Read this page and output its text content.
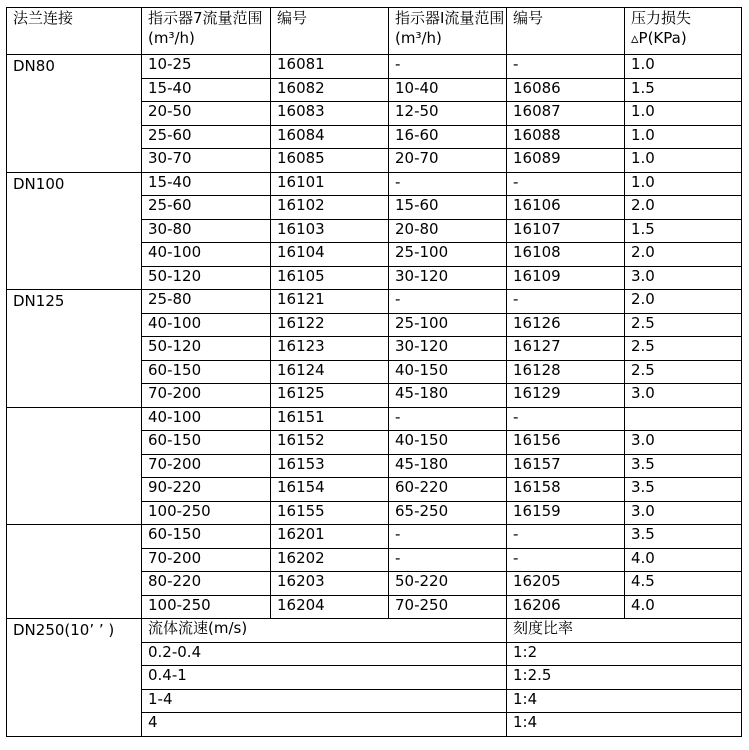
法兰连接	指示器7流量范围(m³/h)	编号	指示器I流量范围(m³/h)	编号	压力损失▵P(KPa)
DN80	10-25	16081	-	-	1.0
	15-40	16082	10-40	16086	1.5
	20-50	16083	12-50	16087	1.0
	25-60	16084	16-60	16088	1.0
	30-70	16085	20-70	16089	1.0
DN100	15-40	16101	-	-	1.0
	25-60	16102	15-60	16106	2.0
	30-80	16103	20-80	16107	1.5
	40-100	16104	25-100	16108	2.0
	50-120	16105	30-120	16109	3.0
DN125	25-80	16121	-	-	2.0
	40-100	16122	25-100	16126	2.5
	50-120	16123	30-120	16127	2.5
	60-150	16124	40-150	16128	2.5
	70-200	16125	45-180	16129	3.0
	40-100	16151	-	-	
	60-150	16152	40-150	16156	3.0
	70-200	16153	45-180	16157	3.5
	90-220	16154	60-220	16158	3.5
	100-250	16155	65-250	16159	3.0
	60-150	16201	-	-	3.5
	70-200	16202	-	-	4.0
	80-220	16203	50-220	16205	4.5
	100-250	16204	70-250	16206	4.0
DN250(10’ ’ )	流体流速(m/s)			刻度比率	
	0.2-0.4			1:2	
	0.4-1			1:2.5	
	1-4			1:4	
	4			1:4	
